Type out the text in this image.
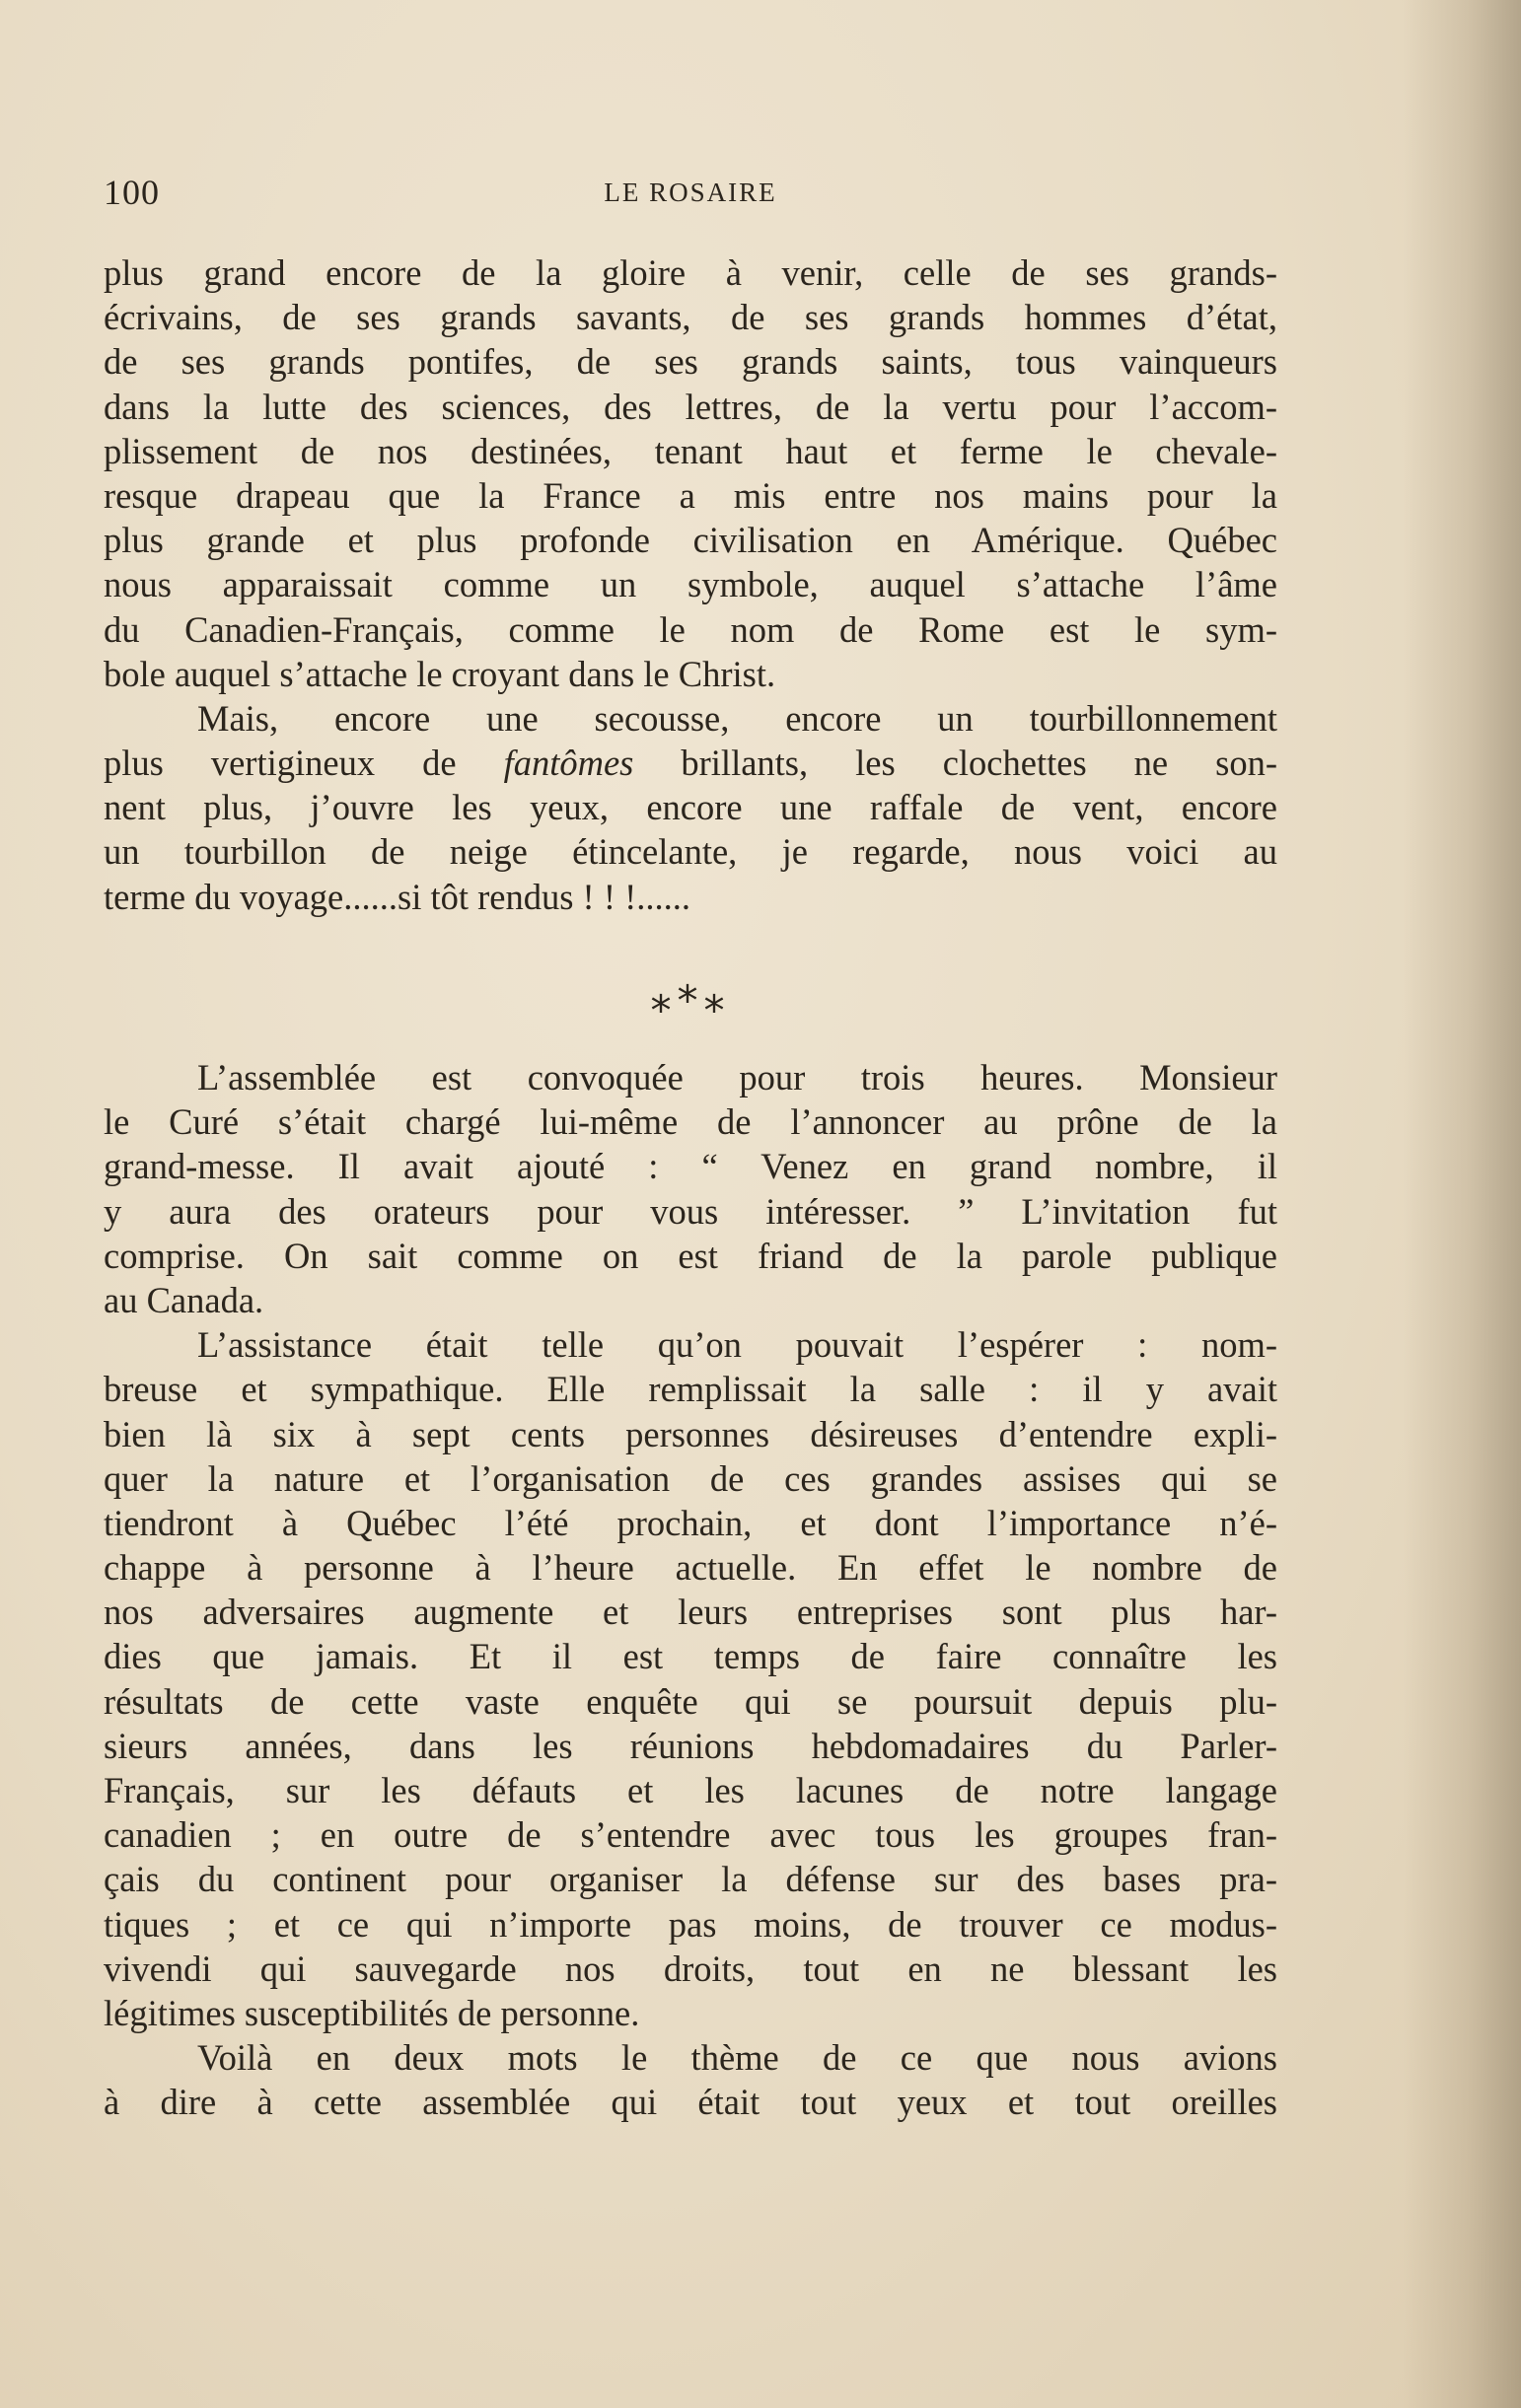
100	LE ROSAIRE
plus grand encore de la gloire à venir, celle de ses grands-
écrivains, de ses grands savants, de ses grands hommes d’état,
de ses grands pontifes, de ses grands saints, tous vainqueurs
dans la lutte des sciences, des lettres, de la vertu pour l’accom-
plissement de nos destinées, tenant haut et ferme le chevale-
resque drapeau que la France a mis entre nos mains pour la
plus grande et plus profonde civilisation en Amérique. Québec
nous apparaissait comme un symbole, auquel s’attache l’âme
du Canadien-Français, comme le nom de Rome est le sym-
bole auquel s’attache le croyant dans le Christ.
Mais, encore une secousse, encore un tourbillonnement
plus vertigineux de fantômes brillants, les clochettes ne son-
nent plus, j’ouvre les yeux, encore une raffale de vent, encore
un tourbillon de neige étincelante, je regarde, nous voici au
terme du voyage......si tôt rendus ! ! !......
***
L’assemblée est convoquée pour trois heures. Monsieur
le Curé s’était chargé lui-même de l’annoncer au prône de la
grand-messe. Il avait ajouté : “ Venez en grand nombre, il
y aura des orateurs pour vous intéresser. ” L’invitation fut
comprise. On sait comme on est friand de la parole publique
au Canada.
L’assistance était telle qu’on pouvait l’espérer : nom-
breuse et sympathique. Elle remplissait la salle : il y avait
bien là six à sept cents personnes désireuses d’entendre expli-
quer la nature et l’organisation de ces grandes assises qui se
tiendront à Québec l’été prochain, et dont l’importance n’é-
chappe à personne à l’heure actuelle. En effet le nombre de
nos adversaires augmente et leurs entreprises sont plus har-
dies que jamais. Et il est temps de faire connaître les
résultats de cette vaste enquête qui se poursuit depuis plu-
sieurs années, dans les réunions hebdomadaires du Parler-
Français, sur les défauts et les lacunes de notre langage
canadien ; en outre de s’entendre avec tous les groupes fran-
çais du continent pour organiser la défense sur des bases pra-
tiques ; et ce qui n’importe pas moins, de trouver ce modus-
vivendi qui sauvegarde nos droits, tout en ne blessant les
légitimes susceptibilités de personne.
Voilà en deux mots le thème de ce que nous avions
à dire à cette assemblée qui était tout yeux et tout oreilles
